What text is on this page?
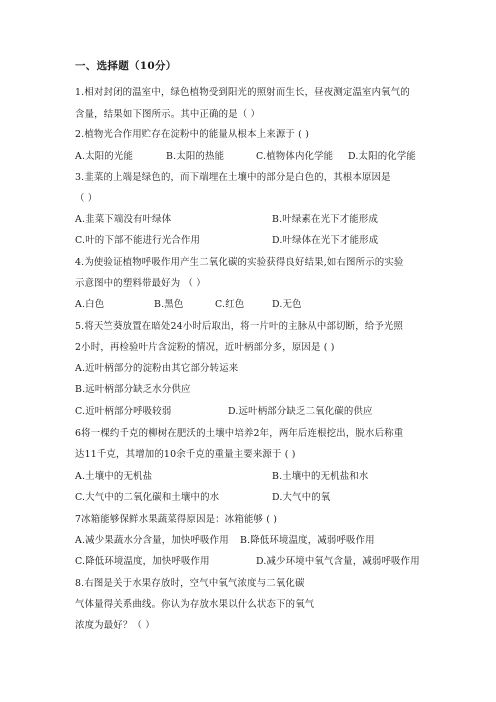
一、选择题（10分）
1.相对封闭的温室中，绿色植物受到阳光的照射而生长，昼夜测定温室内氧气的
含量，结果如下图所示。其中正确的是（ ）
2.植物光合作用贮存在淀粉中的能量从根本上来源于 ( )
A.太阳的光能	B.太阳的热能	C.植物体内化学能 D.太阳的化学能
3.韭菜的上端是绿色的，而下端埋在土壤中的部分是白色的，其根本原因是
（ ）
A.韭菜下端没有叶绿体	B.叶绿素在光下才能形成
C.叶的下部不能进行光合作用	D.叶绿体在光下才能形成
4.为使验证植物呼吸作用产生二氧化碳的实验获得良好结果,如右图所示的实验
示意图中的塑料带最好为 （ ）
A.白色	B.黑色	C.红色	D.无色
5.将天竺葵放置在暗处24小时后取出，将一片叶的主脉从中部切断，给予光照
2小时，再检验叶片含淀粉的情况，近叶柄部分多，原因是 ( )
A.近叶柄部分的淀粉由其它部分转运来
B.远叶柄部分缺乏水分供应
C.近叶柄部分呼吸较弱	D.远叶柄部分缺乏二氧化碳的供应
6将一棵约千克的柳树在肥沃的土壤中培养2年，两年后连根挖出，脱水后称重
达11千克，其增加的10余千克的重量主要来源于 ( )
A.土壤中的无机盐	B.土壤中的无机盐和水
C.大气中的二氧化碳和土壤中的水	D.大气中的氧
7冰箱能够保鲜水果蔬菜得原因是：冰箱能够 ( )
A.减少果蔬水分含量，加快呼吸作用 B.降低环境温度，减弱呼吸作用
C.降低环境温度，加快呼吸作用	D.减少环境中氧气含量，减弱呼吸作用
8.右图是关于水果存放时，空气中氧气浓度与二氧化碳
气体量得关系曲线。你认为存放水果以什么状态下的氧气
浓度为最好？（ ）
